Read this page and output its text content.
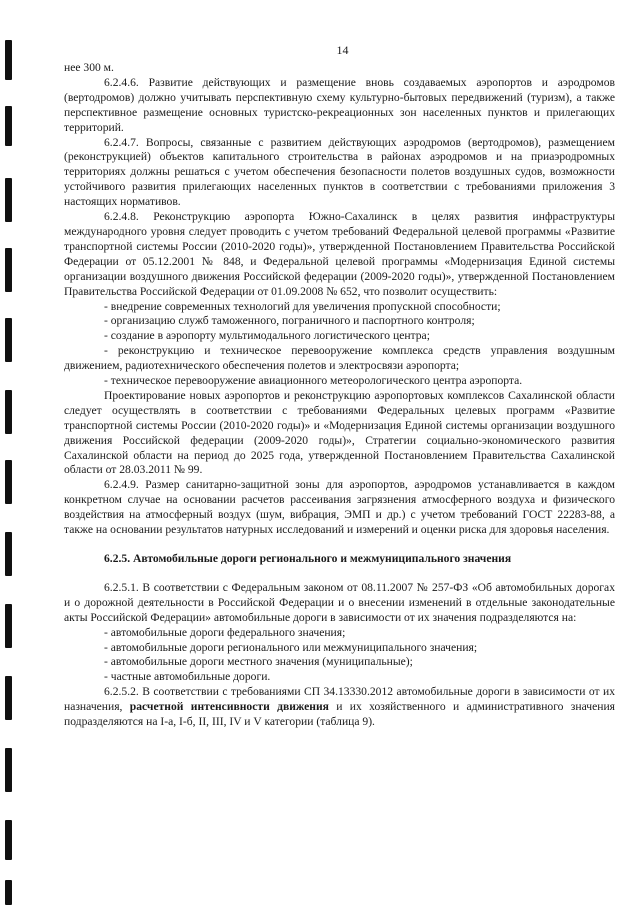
14

нее 300 м.

6.2.4.6. Развитие действующих и размещение вновь создаваемых аэропортов и аэродромов (вертодромов) должно учитывать перспективную схему культурно-бытовых передвижений (туризм), а также перспективное размещение основных туристско-рекреационных зон населенных пунктов и прилегающих территорий.

6.2.4.7. Вопросы, связанные с развитием действующих аэродромов (вертодромов), размещением (реконструкцией) объектов капитального строительства в районах аэродромов и на приаэродромных территориях должны решаться с учетом обеспечения безопасности полетов воздушных судов, возможности устойчивого развития прилегающих населенных пунктов в соответствии с требованиями приложения 3 настоящих нормативов.

6.2.4.8. Реконструкцию аэропорта Южно-Сахалинск в целях развития инфраструктуры международного уровня следует проводить с учетом требований Федеральной целевой программы «Развитие транспортной системы России (2010-2020 годы)», утвержденной Постановлением Правительства Российской Федерации от 05.12.2001 № 848, и Федеральной целевой программы «Модернизация Единой системы организации воздушного движения Российской федерации (2009-2020 годы)», утвержденной Постановлением Правительства Российской Федерации от 01.09.2008 № 652, что позволит осуществить:

- внедрение современных технологий для увеличения пропускной способности;

- организацию служб таможенного, пограничного и паспортного контроля;

- создание в аэропорту мультимодального логистического центра;

- реконструкцию и техническое перевооружение комплекса средств управления воздушным движением, радиотехнического обеспечения полетов и электросвязи аэропорта;

- техническое перевооружение авиационного метеорологического центра аэропорта.

Проектирование новых аэропортов и реконструкцию аэропортовых комплексов Сахалинской области следует осуществлять в соответствии с требованиями Федеральных целевых программ «Развитие транспортной системы России (2010-2020 годы)» и «Модернизация Единой системы организации воздушного движения Российской федерации (2009-2020 годы)», Стратегии социально-экономического развития Сахалинской области на период до 2025 года, утвержденной Постановлением Правительства Сахалинской области от 28.03.2011 № 99.

6.2.4.9. Размер санитарно-защитной зоны для аэропортов, аэродромов устанавливается в каждом конкретном случае на основании расчетов рассеивания загрязнения атмосферного воздуха и физического воздействия на атмосферный воздух (шум, вибрация, ЭМП и др.) с учетом требований ГОСТ 22283-88, а также на основании результатов натурных исследований и измерений и оценки риска для здоровья населения.

6.2.5. Автомобильные дороги регионального и межмуниципального значения

6.2.5.1. В соответствии с Федеральным законом от 08.11.2007 № 257-ФЗ «Об автомобильных дорогах и о дорожной деятельности в Российской Федерации и о внесении изменений в отдельные законодательные акты Российской Федерации» автомобильные дороги в зависимости от их значения подразделяются на:

- автомобильные дороги федерального значения;

- автомобильные дороги регионального или межмуниципального значения;

- автомобильные дороги местного значения (муниципальные);

- частные автомобильные дороги.

6.2.5.2. В соответствии с требованиями СП 34.13330.2012 автомобильные дороги в зависимости от их назначения, расчетной интенсивности движения и их хозяйственного и административного значения подразделяются на I-а, I-б, II, III, IV и V категории (таблица 9).
